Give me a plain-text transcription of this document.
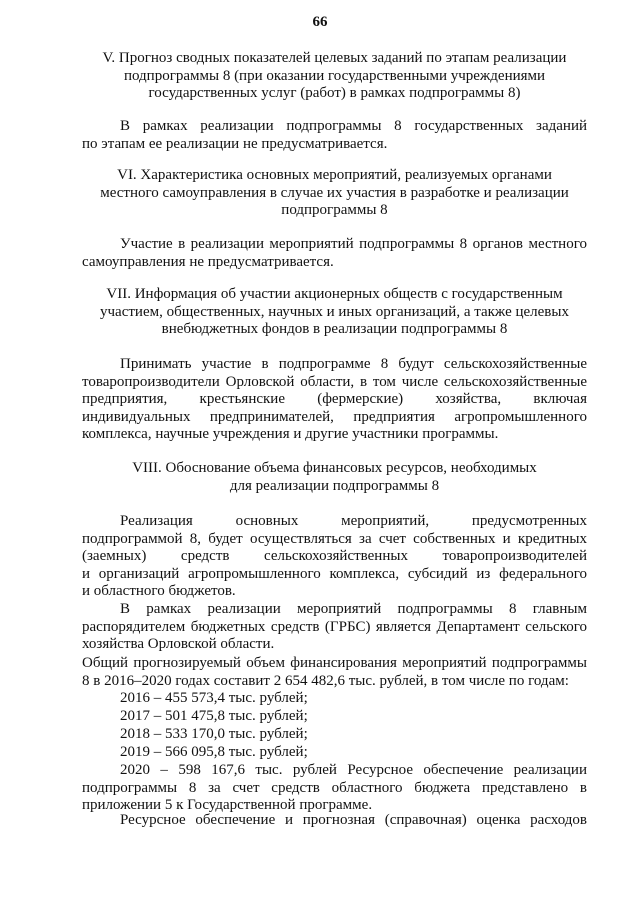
66
V. Прогноз сводных показателей целевых заданий по этапам реализации
подпрограммы 8 (при оказании государственными учреждениями
государственных услуг (работ) в рамках подпрограммы 8)
В рамках реализации подпрограммы 8 государственных заданий
по этапам ее реализации не предусматривается.
VI. Характеристика основных мероприятий, реализуемых органами
местного самоуправления в случае их участия в разработке и реализации
подпрограммы 8
Участие в реализации мероприятий подпрограммы 8 органов местного
самоуправления не предусматривается.
VII. Информация об участии акционерных обществ с государственным
участием, общественных, научных и иных организаций, а также целевых
внебюджетных фондов в реализации подпрограммы 8
Принимать участие в подпрограмме 8 будут сельскохозяйственные
товаропроизводители Орловской области, в том числе сельскохозяйственные
предприятия, крестьянские (фермерские) хозяйства, включая
индивидуальных предпринимателей, предприятия агропромышленного
комплекса, научные учреждения и другие участники программы.
VIII. Обоснование объема финансовых ресурсов, необходимых
для реализации подпрограммы 8
Реализация основных мероприятий, предусмотренных
подпрограммой 8, будет осуществляться за счет собственных и кредитных
(заемных) средств сельскохозяйственных товаропроизводителей
и организаций агропромышленного комплекса, субсидий из федерального
и областного бюджетов.
В рамках реализации мероприятий подпрограммы 8 главным
распорядителем бюджетных средств (ГРБС) является Департамент сельского
хозяйства Орловской области.
Общий прогнозируемый объем финансирования мероприятий подпрограммы
8 в 2016–2020 годах составит 2 654 482,6 тыс. рублей, в том числе по годам:
2016 – 455 573,4 тыс. рублей;
2017 – 501 475,8 тыс. рублей;
2018 – 533 170,0 тыс. рублей;
2019 – 566 095,8 тыс. рублей;
2020 – 598 167,6 тыс. рублей Ресурсное обеспечение реализации
подпрограммы 8 за счет средств областного бюджета представлено в
приложении 5 к Государственной программе.
Ресурсное обеспечение и прогнозная (справочная) оценка расходов
